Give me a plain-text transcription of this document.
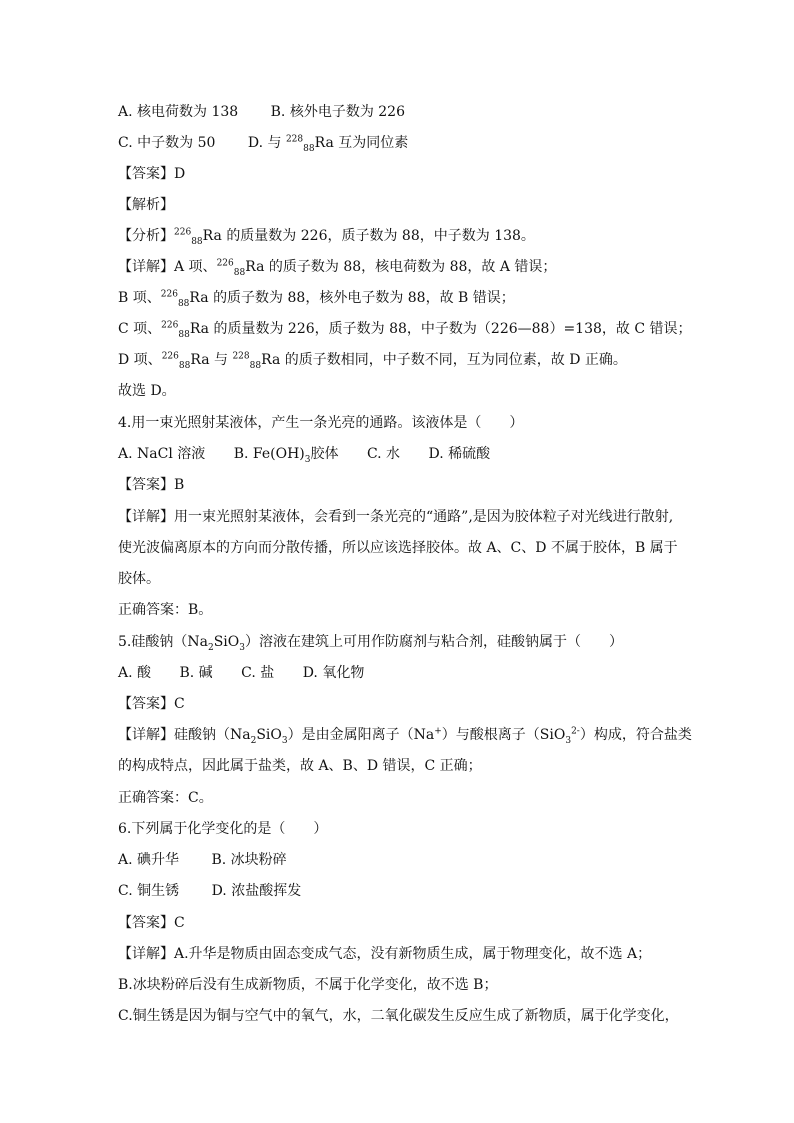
A. 核电荷数为 138 B. 核外电子数为 226
C. 中子数为 50 D. 与 $^{228}_{88}$Ra 互为同位素
【答案】D
【解析】
【分析】$^{226}_{88}$Ra 的质量数为 226，质子数为 88，中子数为 138。
【详解】A 项、$^{226}_{88}$Ra 的质子数为 88，核电荷数为 88，故 A 错误；
B 项、$^{226}_{88}$Ra 的质子数为 88，核外电子数为 88，故 B 错误；
C 项、$^{226}_{88}$Ra 的质量数为 226，质子数为 88，中子数为（226—88）=138，故 C 错误；
D 项、$^{226}_{88}$Ra 与 $^{228}_{88}$Ra 的质子数相同，中子数不同，互为同位素，故 D 正确。
故选 D。
4.用一束光照射某液体，产生一条光亮的通路。该液体是（　　）
A. NaCl 溶液 B. $Fe(OH)_3$胶体 C. 水 D. 稀硫酸
【答案】B
【详解】用一束光照射某液体，会看到一条光亮的“通路”,是因为胶体粒子对光线进行散射,
使光波偏离原本的方向而分散传播，所以应该选择胶体。故 A、C、D 不属于胶体，B 属于
胶体。
正确答案：B。
5.硅酸钠$(Na_2SiO_3)$溶液在建筑上可用作防腐剂与粘合剂，硅酸钠属于（　　）
A. 酸 B. 碱 C. 盐 D. 氧化物
【答案】C
【详解】硅酸钠$(Na_2SiO_3)$是由金属阳离子（Na+）与酸根离子（SiO$_3^{2-}$）构成，符合盐类
的构成特点，因此属于盐类，故 A、B、D 错误，C 正确；
正确答案：C。
6.下列属于化学变化的是（　　）
A. 碘升华 B. 冰块粉碎
C. 铜生锈 D. 浓盐酸挥发
【答案】C
【详解】A.升华是物质由固态变成气态，没有新物质生成，属于物理变化，故不选 A；
B.冰块粉碎后没有生成新物质，不属于化学变化，故不选 B；
C.铜生锈是因为铜与空气中的氧气，水，二氧化碳发生反应生成了新物质，属于化学变化，
